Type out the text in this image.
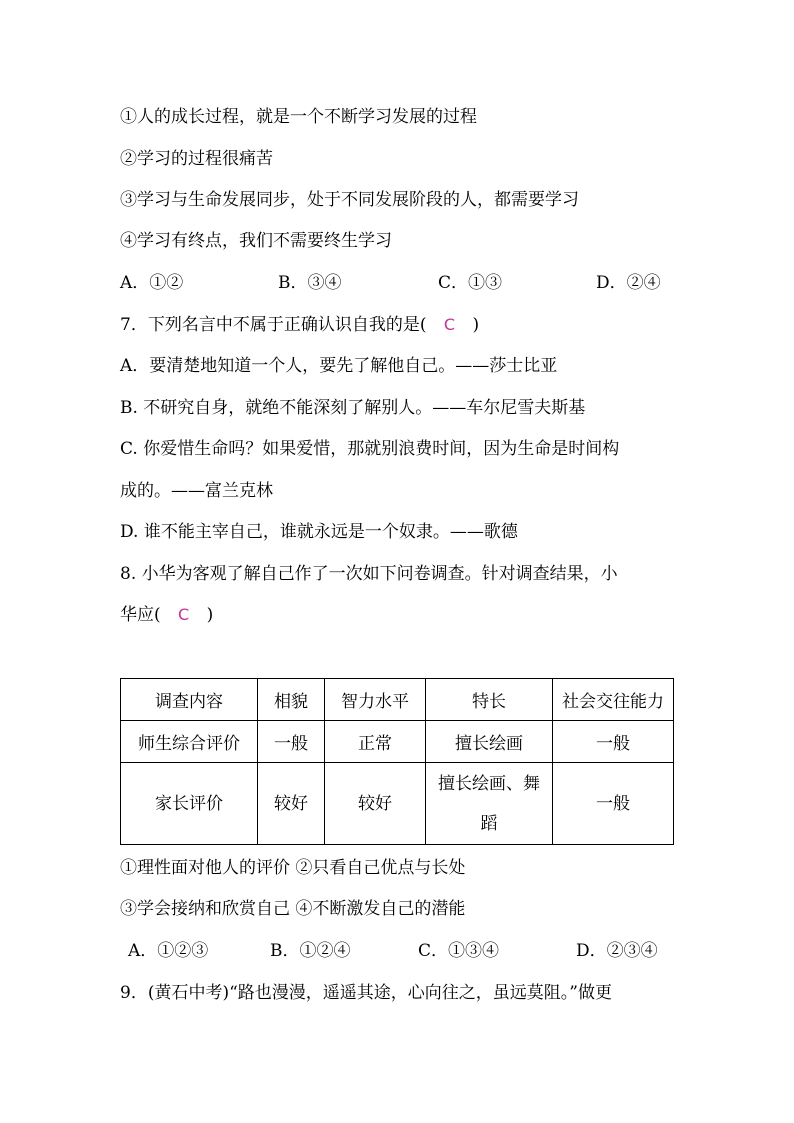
①人的成长过程，就是一个不断学习发展的过程
②学习的过程很痛苦
③学习与生命发展同步，处于不同发展阶段的人，都需要学习
④学习有终点，我们不需要终生学习
A．①②	B．③④	C．①③	D．②④
7．下列名言中不属于正确认识自我的是( C )
A．要清楚地知道一个人，要先了解他自己。——莎士比亚
B. 不研究自身，就绝不能深刻了解别人。——车尔尼雪夫斯基
C. 你爱惜生命吗？如果爱惜，那就别浪费时间，因为生命是时间构
成的。——富兰克林
D. 谁不能主宰自己，谁就永远是一个奴隶。——歌德
8. 小华为客观了解自己作了一次如下问卷调查。针对调查结果，小
华应( C )
调查内容	相貌	智力水平	特长	社会交往能力
师生综合评价	一般	正常	擅长绘画	一般
家长评价	较好	较好	擅长绘画、舞蹈	一般
①理性面对他人的评价 ②只看自己优点与长处
③学会接纳和欣赏自己 ④不断激发自己的潜能
A．①②③	B．①②④	C．①③④	D．②③④
9．(黄石中考)“路也漫漫，遥遥其途，心向往之，虽远莫阻。”做更
